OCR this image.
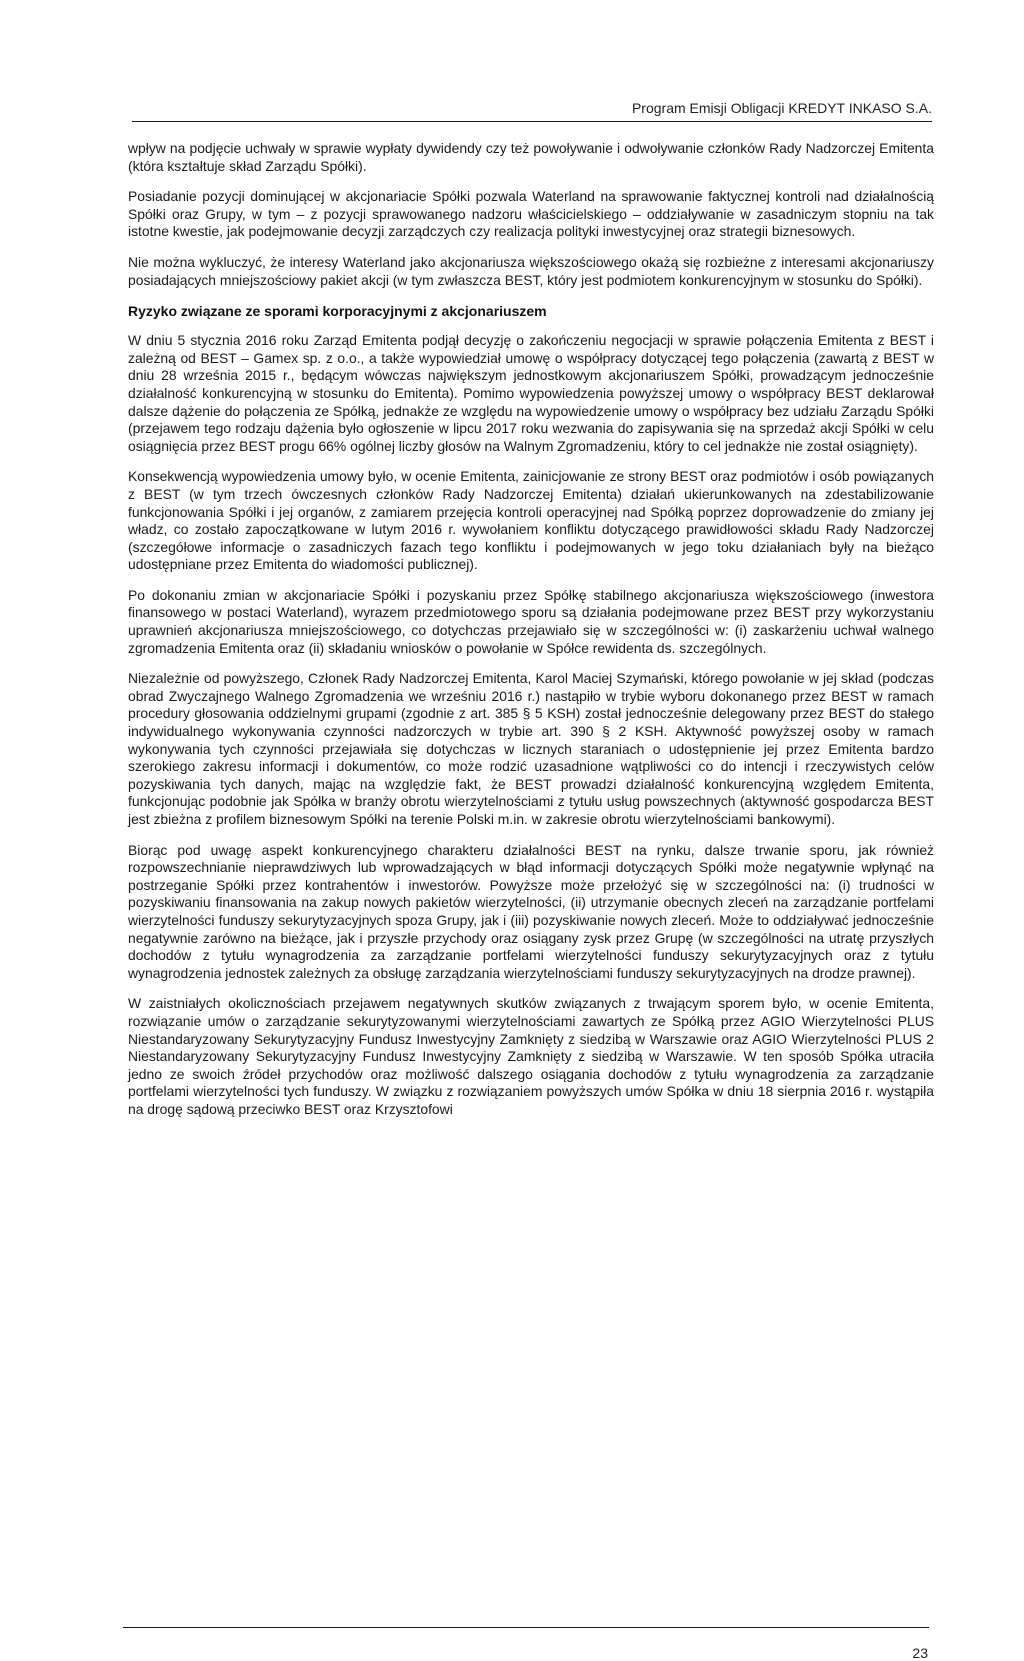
Program Emisji Obligacji KREDYT INKASO S.A.

wpływ na podjęcie uchwały w sprawie wypłaty dywidendy czy też powoływanie i odwoływanie członków Rady Nadzorczej Emitenta (która kształtuje skład Zarządu Spółki).

Posiadanie pozycji dominującej w akcjonariacie Spółki pozwala Waterland na sprawowanie faktycznej kontroli nad działalnością Spółki oraz Grupy, w tym – z pozycji sprawowanego nadzoru właścicielskiego – oddziaływanie w zasadniczym stopniu na tak istotne kwestie, jak podejmowanie decyzji zarządczych czy realizacja polityki inwestycyjnej oraz strategii biznesowych.

Nie można wykluczyć, że interesy Waterland jako akcjonariusza większościowego okażą się rozbieżne z interesami akcjonariuszy posiadających mniejszościowy pakiet akcji (w tym zwłaszcza BEST, który jest podmiotem konkurencyjnym w stosunku do Spółki).

Ryzyko związane ze sporami korporacyjnymi z akcjonariuszem

W dniu 5 stycznia 2016 roku Zarząd Emitenta podjął decyzję o zakończeniu negocjacji w sprawie połączenia Emitenta z BEST i zależną od BEST – Gamex sp. z o.o., a także wypowiedział umowę o współpracy dotyczącej tego połączenia (zawartą z BEST w dniu 28 września 2015 r., będącym wówczas największym jednostkowym akcjonariuszem Spółki, prowadzącym jednocześnie działalność konkurencyjną w stosunku do Emitenta). Pomimo wypowiedzenia powyższej umowy o współpracy BEST deklarował dalsze dążenie do połączenia ze Spółką, jednakże ze względu na wypowiedzenie umowy o współpracy bez udziału Zarządu Spółki (przejawem tego rodzaju dążenia było ogłoszenie w lipcu 2017 roku wezwania do zapisywania się na sprzedaż akcji Spółki w celu osiągnięcia przez BEST progu 66% ogólnej liczby głosów na Walnym Zgromadzeniu, który to cel jednakże nie został osiągnięty).

Konsekwencją wypowiedzenia umowy było, w ocenie Emitenta, zainicjowanie ze strony BEST oraz podmiotów i osób powiązanych z BEST (w tym trzech ówczesnych członków Rady Nadzorczej Emitenta) działań ukierunkowanych na zdestabilizowanie funkcjonowania Spółki i jej organów, z zamiarem przejęcia kontroli operacyjnej nad Spółką poprzez doprowadzenie do zmiany jej władz, co zostało zapoczątkowane w lutym 2016 r. wywołaniem konfliktu dotyczącego prawidłowości składu Rady Nadzorczej (szczegółowe informacje o zasadniczych fazach tego konfliktu i podejmowanych w jego toku działaniach były na bieżąco udostępniane przez Emitenta do wiadomości publicznej).

Po dokonaniu zmian w akcjonariacie Spółki i pozyskaniu przez Spółkę stabilnego akcjonariusza większościowego (inwestora finansowego w postaci Waterland), wyrazem przedmiotowego sporu są działania podejmowane przez BEST przy wykorzystaniu uprawnień akcjonariusza mniejszościowego, co dotychczas przejawiało się w szczególności w: (i) zaskarżeniu uchwał walnego zgromadzenia Emitenta oraz (ii) składaniu wniosków o powołanie w Spółce rewidenta ds. szczególnych.

Niezależnie od powyższego, Członek Rady Nadzorczej Emitenta, Karol Maciej Szymański, którego powołanie w jej skład (podczas obrad Zwyczajnego Walnego Zgromadzenia we wrześniu 2016 r.) nastąpiło w trybie wyboru dokonanego przez BEST w ramach procedury głosowania oddzielnymi grupami (zgodnie z art. 385 § 5 KSH) został jednocześnie delegowany przez BEST do stałego indywidualnego wykonywania czynności nadzorczych w trybie art. 390 § 2 KSH. Aktywność powyższej osoby w ramach wykonywania tych czynności przejawiała się dotychczas w licznych staraniach o udostępnienie jej przez Emitenta bardzo szerokiego zakresu informacji i dokumentów, co może rodzić uzasadnione wątpliwości co do intencji i rzeczywistych celów pozyskiwania tych danych, mając na względzie fakt, że BEST prowadzi działalność konkurencyjną względem Emitenta, funkcjonując podobnie jak Spółka w branży obrotu wierzytelnościami z tytułu usług powszechnych (aktywność gospodarcza BEST jest zbieżna z profilem biznesowym Spółki na terenie Polski m.in. w zakresie obrotu wierzytelnościami bankowymi).

Biorąc pod uwagę aspekt konkurencyjnego charakteru działalności BEST na rynku, dalsze trwanie sporu, jak również rozpowszechnianie nieprawdziwych lub wprowadzających w błąd informacji dotyczących Spółki może negatywnie wpłynąć na postrzeganie Spółki przez kontrahentów i inwestorów. Powyższe może przełożyć się w szczególności na: (i) trudności w pozyskiwaniu finansowania na zakup nowych pakietów wierzytelności, (ii) utrzymanie obecnych zleceń na zarządzanie portfelami wierzytelności funduszy sekurytyzacyjnych spoza Grupy, jak i (iii) pozyskiwanie nowych zleceń. Może to oddziaływać jednocześnie negatywnie zarówno na bieżące, jak i przyszłe przychody oraz osiągany zysk przez Grupę (w szczególności na utratę przyszłych dochodów z tytułu wynagrodzenia za zarządzanie portfelami wierzytelności funduszy sekurytyzacyjnych oraz z tytułu wynagrodzenia jednostek zależnych za obsługę zarządzania wierzytelnościami funduszy sekurytyzacyjnych na drodze prawnej).

W zaistniałych okolicznościach przejawem negatywnych skutków związanych z trwającym sporem było, w ocenie Emitenta, rozwiązanie umów o zarządzanie sekurytyzowanymi wierzytelnościami zawartych ze Spółką przez AGIO Wierzytelności PLUS Niestandaryzowany Sekurytyzacyjny Fundusz Inwestycyjny Zamknięty z siedzibą w Warszawie oraz AGIO Wierzytelności PLUS 2 Niestandaryzowany Sekurytyzacyjny Fundusz Inwestycyjny Zamknięty z siedzibą w Warszawie. W ten sposób Spółka utraciła jedno ze swoich źródeł przychodów oraz możliwość dalszego osiągania dochodów z tytułu wynagrodzenia za zarządzanie portfelami wierzytelności tych funduszy. W związku z rozwiązaniem powyższych umów Spółka w dniu 18 sierpnia 2016 r. wystąpiła na drogę sądową przeciwko BEST oraz Krzysztofowi

23
